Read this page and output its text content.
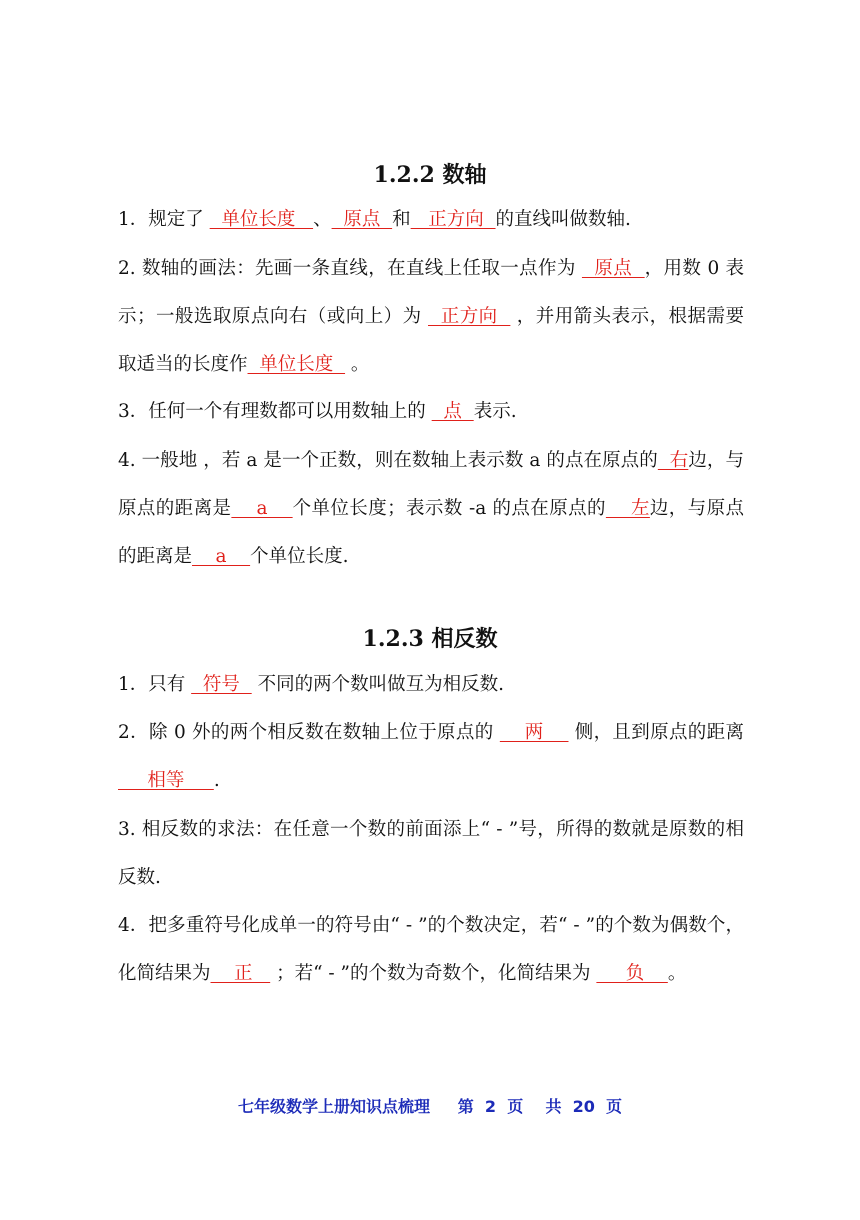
1.2.2 数轴
1．规定了   单位长度   、  原点  和   正方向  的直线叫做数轴.
2. 数轴的画法：先画一条直线，在直线上任取一点作为   原点  ，用数 0 表示；一般选取原点向右（或向上）为   正方向   ，并用箭头表示，根据需要取适当的长度作  单位长度   。
3．任何一个有理数都可以用数轴上的   点  表示.
4. 一般地 ，若 a 是一个正数，则在数轴上表示数 a 的点在原点的  右边，与原点的距离是    a    个单位长度；表示数 -a 的点在原点的    左边，与原点的距离是    a    个单位长度.
1.2.3 相反数
1．只有   符号   不同的两个数叫做互为相反数.
2．除 0 外的两个相反数在数轴上位于原点的     两     侧，且到原点的距离      相等     .
3. 相反数的求法：在任意一个数的前面添上“ - ”号，所得的数就是原数的相反数.
4．把多重符号化成单一的符号由“ - ”的个数决定，若“ - ”的个数为偶数个，化简结果为    正    ；若“ - ”的个数为奇数个，化简结果为      负    。
七年级数学上册知识点梳理     第  2  页    共  20  页
